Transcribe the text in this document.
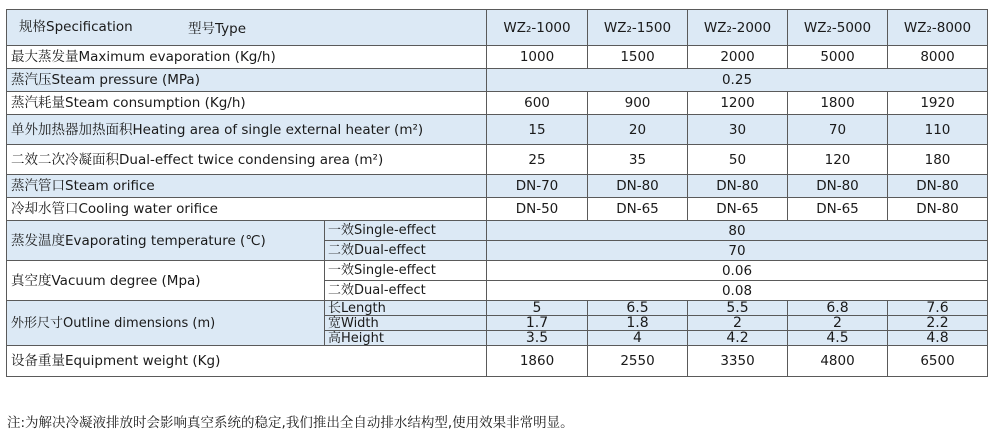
规格Specification 型号Type		WZ₂-1000	WZ₂-1500	WZ₂-2000	WZ₂-5000	WZ₂-8000
最大蒸发量Maximum evaporation (Kg/h)		1000	1500	2000	5000	8000
蒸汽压Steam pressure (MPa)		0.25				
蒸汽耗量Steam consumption (Kg/h)		600	900	1200	1800	1920
单外加热器加热面积Heating area of single external heater (m²)		15	20	30	70	110
二效二次冷凝面积Dual-effect twice condensing area (m²)		25	35	50	120	180
蒸汽管口Steam orifice		DN-70	DN-80	DN-80	DN-80	DN-80
冷却水管口Cooling water orifice		DN-50	DN-65	DN-65	DN-65	DN-80
蒸发温度Evaporating temperature (℃)	一效Single-effect	80				
	二效Dual-effect	70				
真空度Vacuum degree (Mpa)	一效Single-effect	0.06				
	二效Dual-effect	0.08				
外形尺寸Outline dimensions (m)	长Length	5	6.5	5.5	6.8	7.6
	宽Width	1.7	1.8	2	2	2.2
	高Height	3.5	4	4.2	4.5	4.8
设备重量Equipment weight (Kg)		1860	2550	3350	4800	6500
注:为解决冷凝液排放时会影响真空系统的稳定,我们推出全自动排水结构型,使用效果非常明显。
